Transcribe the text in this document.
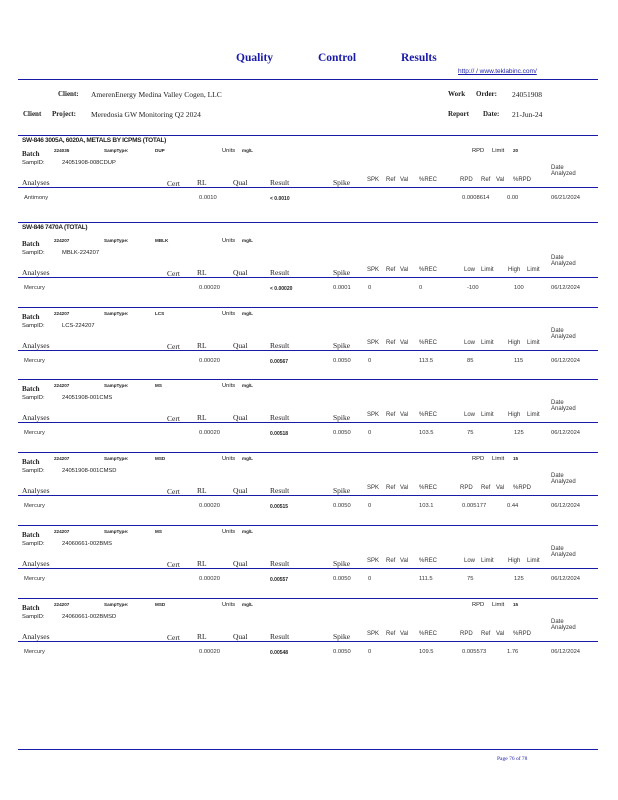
Quality	Control	Results
http:// / www.teklabinc.com/
Client: AmerenEnergy Medina Valley Cogen, LLC
Client Project: Meredosia GW Monitoring Q2 2024
Work Order: 24051908
Report Date: 21-Jun-24
SW-846 3005A, 6020A, METALS BY ICPMS (TOTAL)
Batch	224035	SampType:	DUP	Units mg/L	RPD Limit 20
SampID:	24051908-008CDUP
Analyses	Cert RL	Qual	Result	Spike	SPK Ref Val %REC	RPD Ref Val %RPD
Date
Analyzed
Antimony	0.0010	< 0.0010	0.0008614	0.00	06/21/2024
SW-846 7470A (TOTAL)
Batch	224207	SampType:	MBLK	Units mg/L
SampID:	MBLK-224207
Analyses	Cert RL	Qual	Result	Spike	SPK Ref Val %REC	Low Limit High Limit
Date
Analyzed
Mercury	0.00020	< 0.00020	0.0001	0	0	-100	100	06/12/2024
Batch	224207	SampType:	LCS	Units mg/L
SampID:	LCS-224207
Analyses	Cert RL	Qual	Result	Spike	SPK Ref Val %REC	Low Limit High Limit
Date
Analyzed
Mercury	0.00020	0.00567	0.0050	0	113.5	85	115	06/12/2024
Batch	224207	SampType:	MS	Units mg/L
SampID:	24051908-001CMS
Analyses	Cert RL	Qual	Result	Spike	SPK Ref Val %REC	Low Limit High Limit
Date
Analyzed
Mercury	0.00020	0.00518	0.0050	0	103.5	75	125	06/12/2024
Batch	224207	SampType:	MSD	Units mg/L	RPD Limit 15
SampID:	24051908-001CMSD
Analyses	Cert RL	Qual	Result	Spike	SPK Ref Val %REC	RPD Ref Val %RPD
Date
Analyzed
Mercury	0.00020	0.00515	0.0050	0	103.1	0.005177	0.44	06/12/2024
Batch	224207	SampType:	MS	Units mg/L
SampID:	24060661-002BMS
Analyses	Cert RL	Qual	Result	Spike	SPK Ref Val %REC	Low Limit High Limit
Date
Analyzed
Mercury	0.00020	0.00557	0.0050	0	111.5	75	125	06/12/2024
Batch	224207	SampType:	MSD	Units mg/L	RPD Limit 15
SampID:	24060661-002BMSD
Analyses	Cert RL	Qual	Result	Spike	SPK Ref Val %REC	RPD Ref Val %RPD
Date
Analyzed
Mercury	0.00020	0.00548	0.0050	0	109.5	0.005573	1.76	06/12/2024
Page 76 of 78
